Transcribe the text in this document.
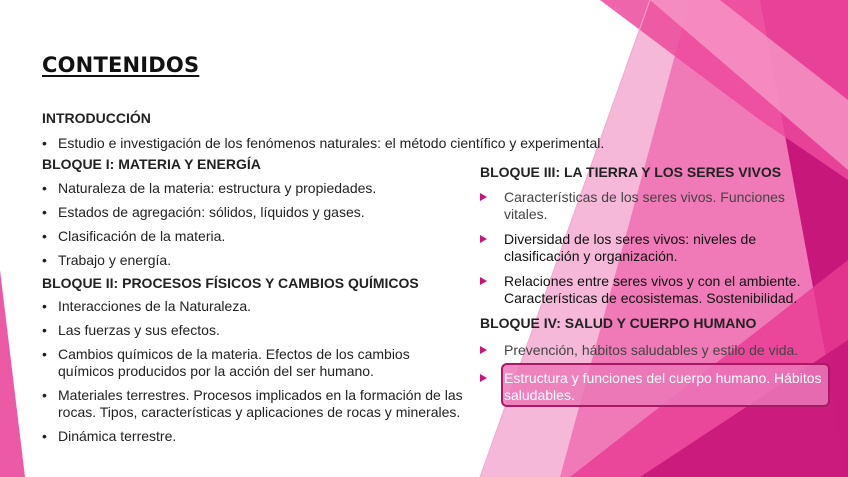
CONTENIDOS
INTRODUCCIÓN
• Estudio e investigación de los fenómenos naturales: el método científico y experimental.
BLOQUE I: MATERIA Y ENERGÍA
• Naturaleza de la materia: estructura y propiedades.
• Estados de agregación: sólidos, líquidos y gases.
• Clasificación de la materia.
• Trabajo y energía.
BLOQUE II: PROCESOS FÍSICOS Y CAMBIOS QUÍMICOS
• Interacciones de la Naturaleza.
• Las fuerzas y sus efectos.
• Cambios químicos de la materia. Efectos de los cambios químicos producidos por la acción del ser humano.
• Materiales terrestres. Procesos implicados en la formación de las rocas. Tipos, características y aplicaciones de rocas y minerales.
• Dinámica terrestre.
BLOQUE III: LA TIERRA Y LOS SERES VIVOS
Características de los seres vivos. Funciones vitales.
Diversidad de los seres vivos: niveles de clasificación y organización.
Relaciones entre seres vivos y con el ambiente. Características de ecosistemas. Sostenibilidad.
BLOQUE IV: SALUD Y CUERPO HUMANO
Prevención, hábitos saludables y estilo de vida.
Estructura y funciones del cuerpo humano. Hábitos saludables.
